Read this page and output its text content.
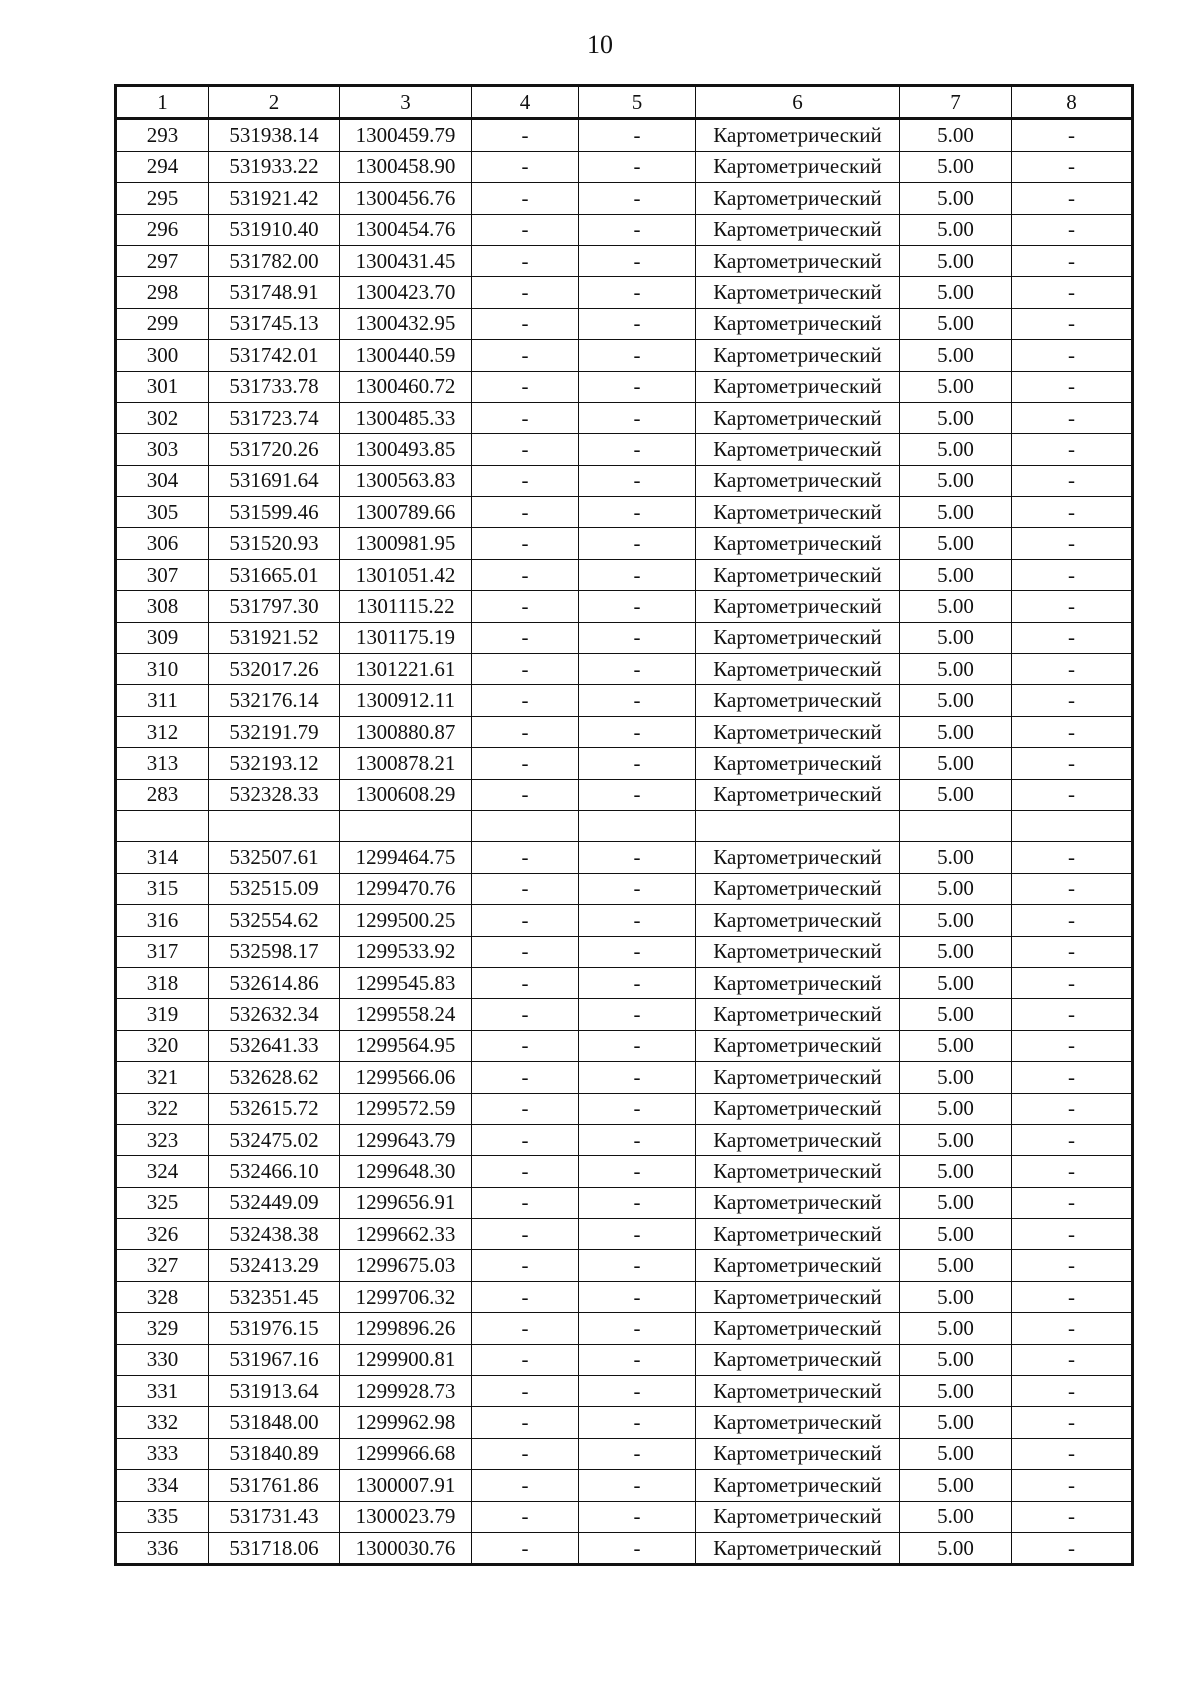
10
1	2	3	4	5	6	7	8
293	531938.14	1300459.79	-	-	Картометрический	5.00	-
294	531933.22	1300458.90	-	-	Картометрический	5.00	-
295	531921.42	1300456.76	-	-	Картометрический	5.00	-
296	531910.40	1300454.76	-	-	Картометрический	5.00	-
297	531782.00	1300431.45	-	-	Картометрический	5.00	-
298	531748.91	1300423.70	-	-	Картометрический	5.00	-
299	531745.13	1300432.95	-	-	Картометрический	5.00	-
300	531742.01	1300440.59	-	-	Картометрический	5.00	-
301	531733.78	1300460.72	-	-	Картометрический	5.00	-
302	531723.74	1300485.33	-	-	Картометрический	5.00	-
303	531720.26	1300493.85	-	-	Картометрический	5.00	-
304	531691.64	1300563.83	-	-	Картометрический	5.00	-
305	531599.46	1300789.66	-	-	Картометрический	5.00	-
306	531520.93	1300981.95	-	-	Картометрический	5.00	-
307	531665.01	1301051.42	-	-	Картометрический	5.00	-
308	531797.30	1301115.22	-	-	Картометрический	5.00	-
309	531921.52	1301175.19	-	-	Картометрический	5.00	-
310	532017.26	1301221.61	-	-	Картометрический	5.00	-
311	532176.14	1300912.11	-	-	Картометрический	5.00	-
312	532191.79	1300880.87	-	-	Картометрический	5.00	-
313	532193.12	1300878.21	-	-	Картометрический	5.00	-
283	532328.33	1300608.29	-	-	Картометрический	5.00	-

314	532507.61	1299464.75	-	-	Картометрический	5.00	-
315	532515.09	1299470.76	-	-	Картометрический	5.00	-
316	532554.62	1299500.25	-	-	Картометрический	5.00	-
317	532598.17	1299533.92	-	-	Картометрический	5.00	-
318	532614.86	1299545.83	-	-	Картометрический	5.00	-
319	532632.34	1299558.24	-	-	Картометрический	5.00	-
320	532641.33	1299564.95	-	-	Картометрический	5.00	-
321	532628.62	1299566.06	-	-	Картометрический	5.00	-
322	532615.72	1299572.59	-	-	Картометрический	5.00	-
323	532475.02	1299643.79	-	-	Картометрический	5.00	-
324	532466.10	1299648.30	-	-	Картометрический	5.00	-
325	532449.09	1299656.91	-	-	Картометрический	5.00	-
326	532438.38	1299662.33	-	-	Картометрический	5.00	-
327	532413.29	1299675.03	-	-	Картометрический	5.00	-
328	532351.45	1299706.32	-	-	Картометрический	5.00	-
329	531976.15	1299896.26	-	-	Картометрический	5.00	-
330	531967.16	1299900.81	-	-	Картометрический	5.00	-
331	531913.64	1299928.73	-	-	Картометрический	5.00	-
332	531848.00	1299962.98	-	-	Картометрический	5.00	-
333	531840.89	1299966.68	-	-	Картометрический	5.00	-
334	531761.86	1300007.91	-	-	Картометрический	5.00	-
335	531731.43	1300023.79	-	-	Картометрический	5.00	-
336	531718.06	1300030.76	-	-	Картометрический	5.00	-
